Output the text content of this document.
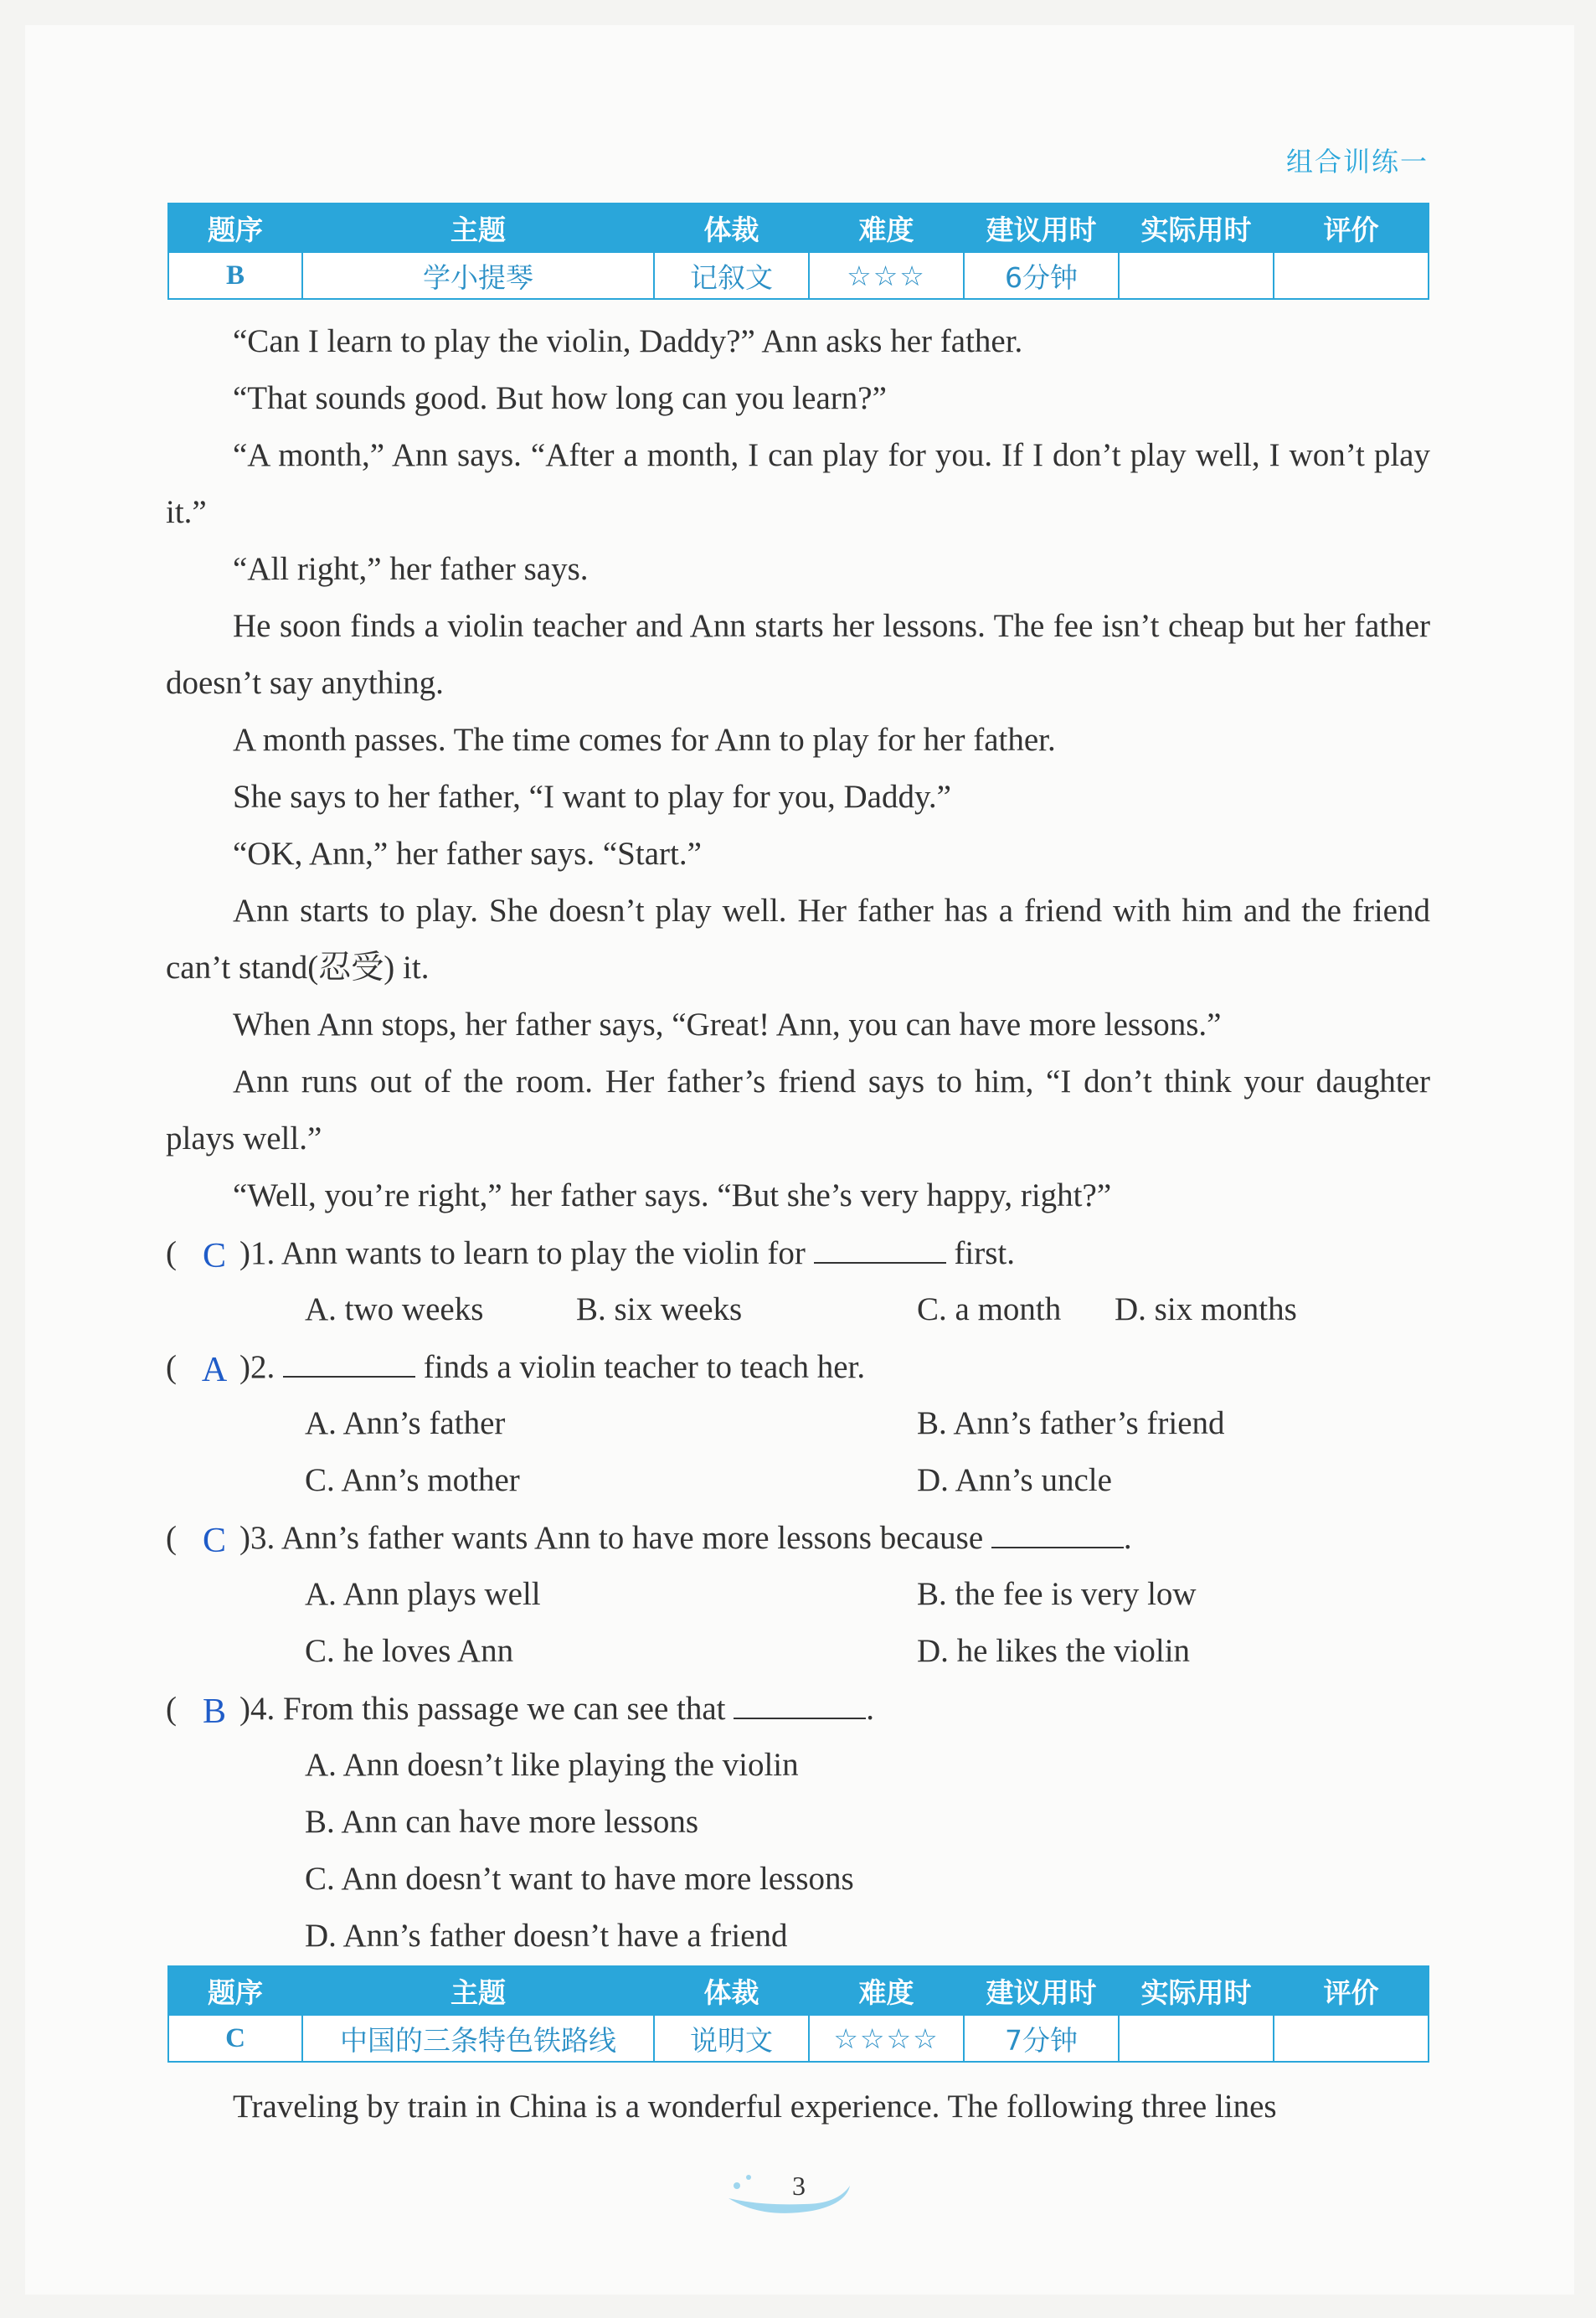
组合训练一
题序	主题	体裁	难度	建议用时	实际用时	评价
B	学小提琴	记叙文	☆☆☆	6分钟		

“Can I learn to play the violin, Daddy?” Ann asks her father.

“That sounds good. But how long can you learn?”

“A month,” Ann says. “After a month, I can play for you. If I don’t play well, I won’t play it.”

“All right,” her father says.

He soon finds a violin teacher and Ann starts her lessons. The fee isn’t cheap but her father doesn’t say anything.

A month passes. The time comes for Ann to play for her father.

She says to her father, “I want to play for you, Daddy.”

“OK, Ann,” her father says. “Start.”

Ann starts to play. She doesn’t play well. Her father has a friend with him and the friend can’t stand(忍受) it.

When Ann stops, her father says, “Great! Ann, you can have more lessons.”

Ann runs out of the room. Her father’s friend says to him, “I don’t think your daughter plays well.”

“Well, you’re right,” her father says. “But she’s very happy, right?”

( C )1. Ann wants to learn to play the violin for	first.
A. two weeks	B. six weeks	C. a month D. six months
( A )2.	finds a violin teacher to teach her.
A. Ann’s father	B. Ann’s father’s friend
C. Ann’s mother	D. Ann’s uncle
( C )3. Ann’s father wants Ann to have more lessons because	.
A. Ann plays well	B. the fee is very low
C. he loves Ann	D. he likes the violin
( B )4. From this passage we can see that	.
A. Ann doesn’t like playing the violin
B. Ann can have more lessons
C. Ann doesn’t want to have more lessons
D. Ann’s father doesn’t have a friend
题序	主题	体裁	难度	建议用时	实际用时	评价
C	中国的三条特色铁路线	说明文	☆☆☆☆	7分钟		

Traveling by train in China is a wonderful experience. The following three lines

3
